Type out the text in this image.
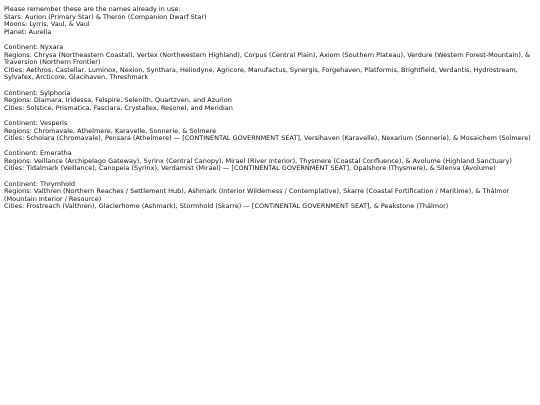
Please remember these are the names already in use:
Stars: Aurion (Primary Star) & Theron (Companion Dwarf Star)
Moons: Lyrris, Vaul, & Vaul
Planet: Aurelia
Continent: Nyxara
Regions: Chrysa (Northeastern Coastal), Vertex (Northwestern Highland), Corpus (Central Plain), Axiom (Southern Plateau), Verdure (Western Forest-Mountain), & Traversion (Northern Frontier)
Cities: Aethros, Castellar, Luminox, Nexion, Synthara, Heliodyne, Agricore, Manufactus, Synergis, Forgehaven, Platformis, Brightfield, Verdantis, Hydrostream, Sylvafex, Arcticore, Glacihaven, Threshmark
Continent: Sylphoria
Regions: Diamara, Iridessa, Felspire, Selenith, Quartzven, and Azurion
Cities: Solstice, Prismatica, Fasciara, Crystallex, Resonel, and Meridian
Continent: Vesperis
Regions: Chromavale, Athelmere, Karavelle, Sonnerie, & Solmere
Cities: Scholara (Chromavale), Pensara (Athelmere) — [CONTINENTAL GOVERNMENT SEAT], Versihaven (Karavelle), Nexarium (Sonnerie), & Mosaichem (Solmere)
Continent: Emeratha
Regions: Veillance (Archipelago Gateway), Syrinx (Central Canopy), Mirael (River Interior), Thysmere (Coastal Confluence), & Avolume (Highland Sanctuary)
Cities: Tidalmark (Veillance), Canopeia (Syrinx), Verdamist (Mirael) — [CONTINENTAL GOVERNMENT SEAT], Opalshore (Thysmere), & Silenva (Avolume)
Continent: Thrymhold
Regions: Valthren (Northern Reaches / Settlement Hub), Ashmark (Interior Wilderness / Contemplative), Skarre (Coastal Fortification / Maritime), & Thálmor (Mountain Interior / Resource)
Cities: Frostreach (Valthren), Glacierhome (Ashmark), Stormhold (Skarre) — [CONTINENTAL GOVERNMENT SEAT], & Peakstone (Thálmor)
